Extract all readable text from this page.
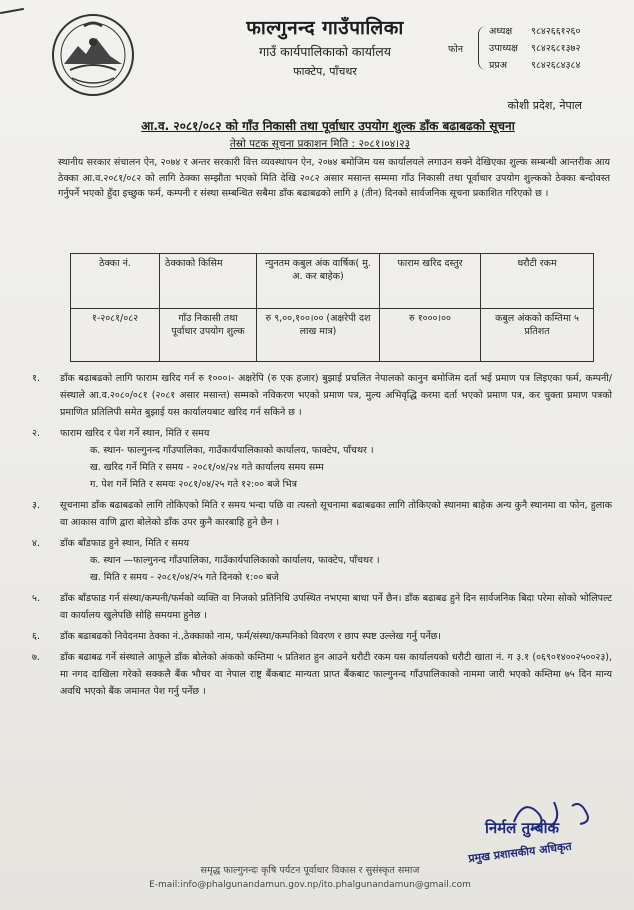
फाल्गुनन्द गाउँपालिका
गाउँ कार्यपालिकाको कार्यालय
फाक्टेप, पाँचथर
फोन
अध्यक्ष ९८४२६६१२६०
उपाध्यक्ष ९८४२६८१३७२
प्रप्रअ	९८४२६८४३८४
कोशी प्रदेश, नेपाल
आ.व. २०८१/०८२ को गाँउ निकासी तथा पूर्वाधार उपयोग शुल्क डाँक बढाबढको सूचना
तेस्रो पटक सूचना प्रकाशन मिति : २०८१।०४।२३
स्थानीय सरकार संचालन ऐन, २०७४ र अन्तर सरकारी वित्त व्यवस्थापन ऐन, २०७४ बमोजिम यस कार्यालयले लगाउन सक्ने देखिएका शुल्क सम्बन्धी आन्तरीक आय ठेक्का आ.व.२०८१/०८२ को लागि ठेक्का सम्झौता भएको मिति देखि २०८२ असार मसान्त सम्ममा गाँउ निकासी तथा पूर्वाधार उपयोग शुल्कको ठेक्का बन्दोवस्त गर्नुपर्ने भएको हुँदा इच्छुक फर्म, कम्पनी र संस्था सम्बन्धित सबैमा डाँक बढाबढको लागि ३ (तीन) दिनको सार्वजनिक सूचना प्रकाशित गरिएको छ ।
ठेक्का नं.	ठेक्काको किसिम	न्युनतम कबुल अंक वार्षिक( मु. अ. कर बाहेक)	फाराम खरिद दस्तुर	धरौटी रकम
१-२०८१/०८२	गाँउ निकासी तथा पूर्वाधार उपयोग शुल्क	रु ९,००,१००।०० (अक्षरेपी दश लाख मात्र)	रु १०००।००	कबुल अंकको कम्तिमा ५ प्रतिशत
१. डाँक बढाबढको लागि फाराम खरिद गर्न रु १०००।- अक्षरेपि (रु एक हजार) बुझाई प्रचलित नेपालको कानुन बमोजिम दर्ता भई प्रमाण पत्र लिइएका फर्म, कम्पनी/संस्थाले आ.व.२०८०/०८१ (२०८१ असार मसान्त) सम्मको नविकरण भएको प्रमाण पत्र, मुल्य अभिवृद्धि करमा दर्ता भएको प्रमाण पत्र, कर चुक्ता प्रमाण पत्रको प्रमाणित प्रतिलिपी समेत बुझाई यस कार्यालयबाट खरिद गर्न सकिने छ ।
२. फाराम खरिद र पेश गर्ने स्थान, मिति र समय
क. स्थान- फाल्गुनन्द गाँउपालिका, गाउँकार्यपालिकाको कार्यालय, फाक्टेप, पाँचथर ।
ख. खरिद गर्ने मिति र समय - २०८१/०४/२४ गते कार्यालय समय सम्म
ग. पेश गर्ने मिति र समयः २०८१/०४/२५ गते १२:०० बजे भित्र
३. सूचनामा डाँक बढाबढको लागि तोकिएको मिति र समय भन्दा पछि वा त्यस्तो सूचनामा बढाबढका लागि तोकिएको स्थानमा बाहेक अन्य कुनै स्थानमा वा फोन, हुलाक वा आकास वाणि द्वारा बोलेको डाँक उपर कुनै कारबाहि हुने छैन ।
४. डाँक बाँडफाड हुने स्थान, मिति र समय
क. स्थान —फाल्गुनन्द गाँउपालिका, गाउँकार्यपालिकाको कार्यालय, फाक्टेप, पाँचथर ।
ख. मिति र समय - २०८१/०४/२५ गते दिनको १:०० बजे
५. डाँक बाँडफाड गर्न संस्था/कम्पनी/फर्मको व्यक्ति वा निजको प्रतिनिधि उपस्थित नभएमा बाधा पर्ने छैन। डाँक बढाबढ हुने दिन सार्वजनिक बिदा परेमा सोको भोलिपल्ट वा कार्यालय खुलेपछि सोहि समयमा हुनेछ ।
६. डाँक बढाबढको निवेदनमा ठेक्का नं.,ठेक्काको नाम, फर्म/संस्था/कम्पनिको विवरण र छाप स्पष्ट उल्लेख गर्नु पर्नेछ।
७. डाँक बढाबढ गर्ने संस्थाले आफूले डाँक बोलेको अंकको कम्तिमा ५ प्रतिशत हुन आउने धरौटी रकम यस कार्यालयको धरौटी खाता नं. ग ३.१ (०६९०१४००२५००२३), मा नगद दाखिला गरेको सक्कलै बैंक भौचर वा नेपाल राष्ट्र बैंकबाट मान्यता प्राप्त बैंकबाट फाल्गुनन्द गाँउपालिकाको नाममा जारी भएको कम्तिमा ७५ दिन मान्य अवधि भएको बैंक जमानत पेश गर्नु पर्नेछ ।
निर्मल तुम्बोक
प्रमुख प्रशासकीय अधिकृत
समृद्ध फाल्गुनन्दः कृषि पर्यटन पूर्वाधार विकास र सुसंस्कृत समाज
E-mail:info@phalgunandamun.gov.np/ito.phalgunandamun@gmail.com
